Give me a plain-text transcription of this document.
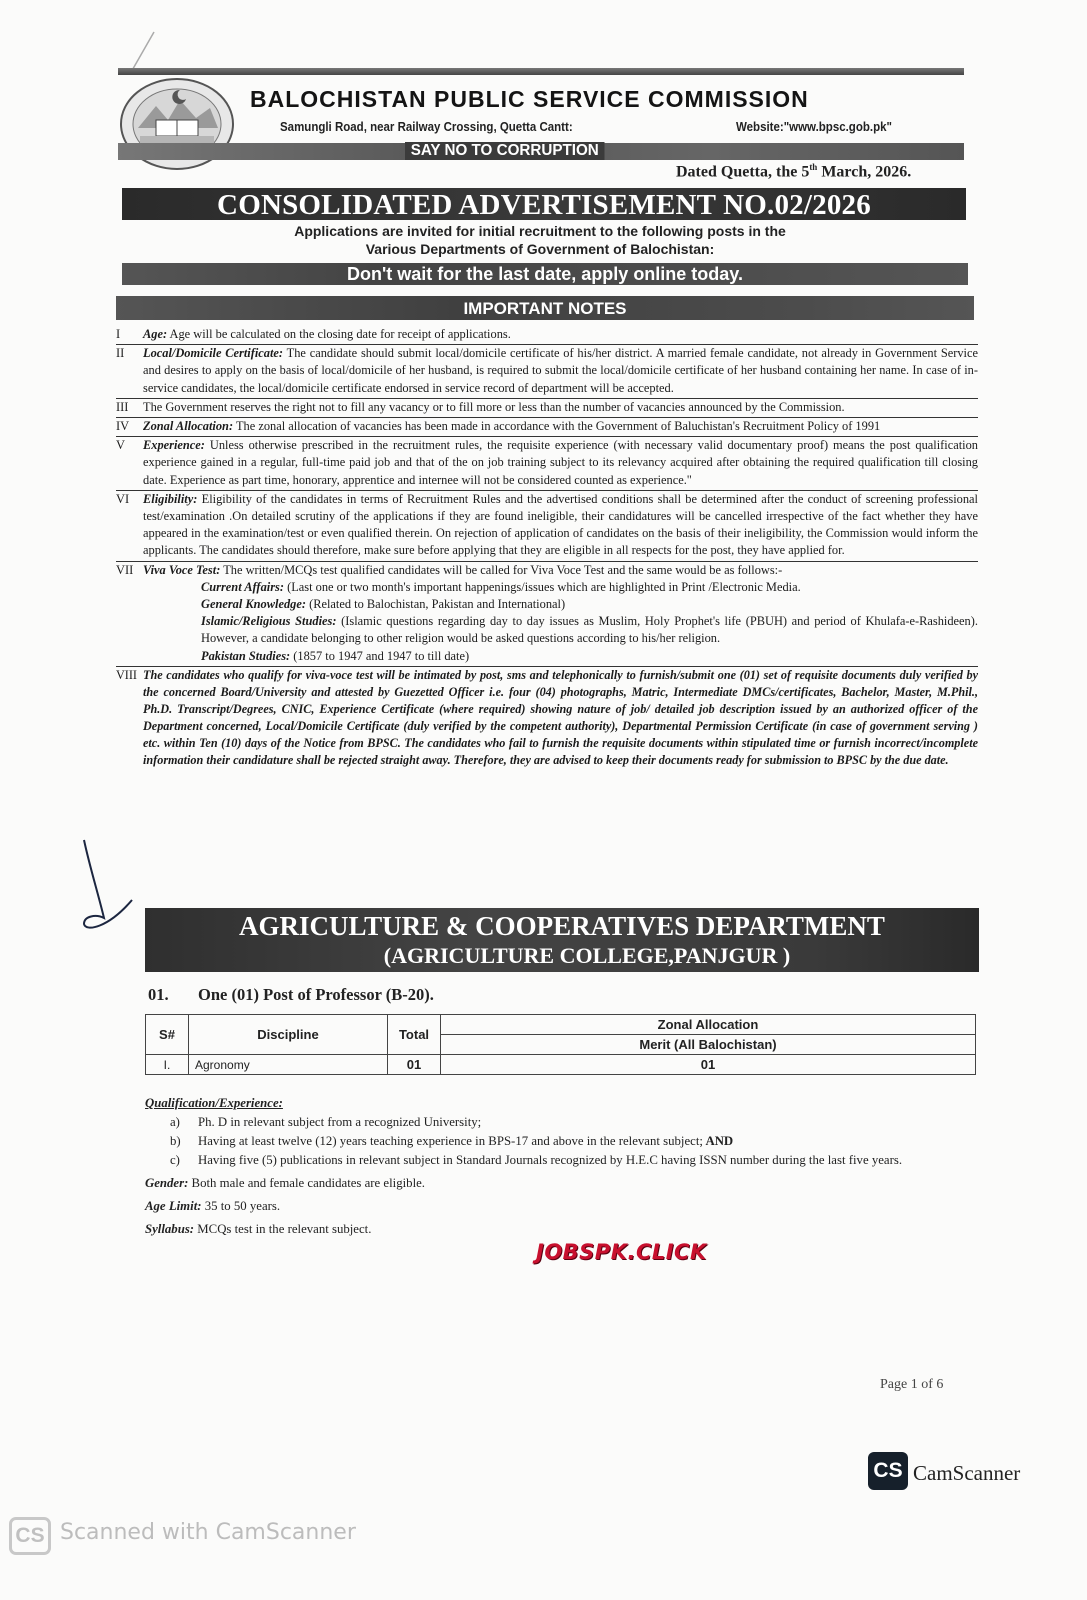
BALOCHISTAN PUBLIC SERVICE COMMISSION
Samungli Road, near Railway Crossing, Quetta Cantt:	Website:"www.bpsc.gob.pk"
SAY NO TO CORRUPTION
Dated Quetta, the 5th March, 2026.
CONSOLIDATED ADVERTISEMENT NO.02/2026
Applications are invited for initial recruitment to the following posts in the
Various Departments of Government of Balochistan:
Don't wait for the last date, apply online today.
IMPORTANT NOTES
I	Age: Age will be calculated on the closing date for receipt of applications.
II	Local/Domicile Certificate: The candidate should submit local/domicile certificate of his/her district. A married female candidate, not already in Government Service and desires to apply on the basis of local/domicile of her husband, is required to submit the local/domicile certificate of her husband containing her name. In case of in-service candidates, the local/domicile certificate endorsed in service record of department will be accepted.
III	The Government reserves the right not to fill any vacancy or to fill more or less than the number of vacancies announced by the Commission.
IV	Zonal Allocation: The zonal allocation of vacancies has been made in accordance with the Government of Baluchistan's Recruitment Policy of 1991
V	Experience: Unless otherwise prescribed in the recruitment rules, the requisite experience (with necessary valid documentary proof) means the post qualification experience gained in a regular, full-time paid job and that of the on job training subject to its relevancy acquired after obtaining the required qualification till closing date. Experience as part time, honorary, apprentice and internee will not be considered counted as experience."
VI	Eligibility: Eligibility of the candidates in terms of Recruitment Rules and the advertised conditions shall be determined after the conduct of screening professional test/examination .On detailed scrutiny of the applications if they are found ineligible, their candidatures will be cancelled irrespective of the fact whether they have appeared in the examination/test or even qualified therein. On rejection of application of candidates on the basis of their ineligibility, the Commission would inform the applicants. The candidates should therefore, make sure before applying that they are eligible in all respects for the post, they have applied for.
VII Viva Voce Test: The written/MCQs test qualified candidates will be called for Viva Voce Test and the same would be as follows:-
Current Affairs: (Last one or two month's important happenings/issues which are highlighted in Print /Electronic Media.
General Knowledge: (Related to Balochistan, Pakistan and International)
Islamic/Religious Studies: (Islamic questions regarding day to day issues as Muslim, Holy Prophet's life (PBUH) and period of Khulafa-e-Rashideen). However, a candidate belonging to other religion would be asked questions according to his/her religion.
Pakistan Studies: (1857 to 1947 and 1947 to till date)
VIII The candidates who qualify for viva-voce test will be intimated by post, sms and telephonically to furnish/submit one (01) set of requisite documents duly verified by the concerned Board/University and attested by Guezetted Officer i.e. four (04) photographs, Matric, Intermediate DMCs/certificates, Bachelor, Master, M.Phil., Ph.D. Transcript/Degrees, CNIC, Experience Certificate (where required) showing nature of job/ detailed job description issued by an authorized officer of the Department concerned, Local/Domicile Certificate (duly verified by the competent authority), Departmental Permission Certificate (in case of government serving ) etc. within Ten (10) days of the Notice from BPSC. The candidates who fail to furnish the requisite documents within stipulated time or furnish incorrect/incomplete information their candidature shall be rejected straight away. Therefore, they are advised to keep their documents ready for submission to BPSC by the due date.
AGRICULTURE & COOPERATIVES DEPARTMENT
(AGRICULTURE COLLEGE,PANJGUR )
01. One (01) Post of Professor (B-20).
S#	Discipline	Total	Zonal Allocation
			Merit (All Balochistan)
I.	Agronomy	01	01
Qualification/Experience:
a)	Ph. D in relevant subject from a recognized University;
b)	Having at least twelve (12) years teaching experience in BPS-17 and above in the relevant subject; AND
c)	Having five (5) publications in relevant subject in Standard Journals recognized by H.E.C having ISSN number during the last five years.
Gender: Both male and female candidates are eligible.
Age Limit: 35 to 50 years.
Syllabus: MCQs test in the relevant subject.
JOBSPK.CLICK
Page 1 of 6
CS CamScanner
CS Scanned with CamScanner
